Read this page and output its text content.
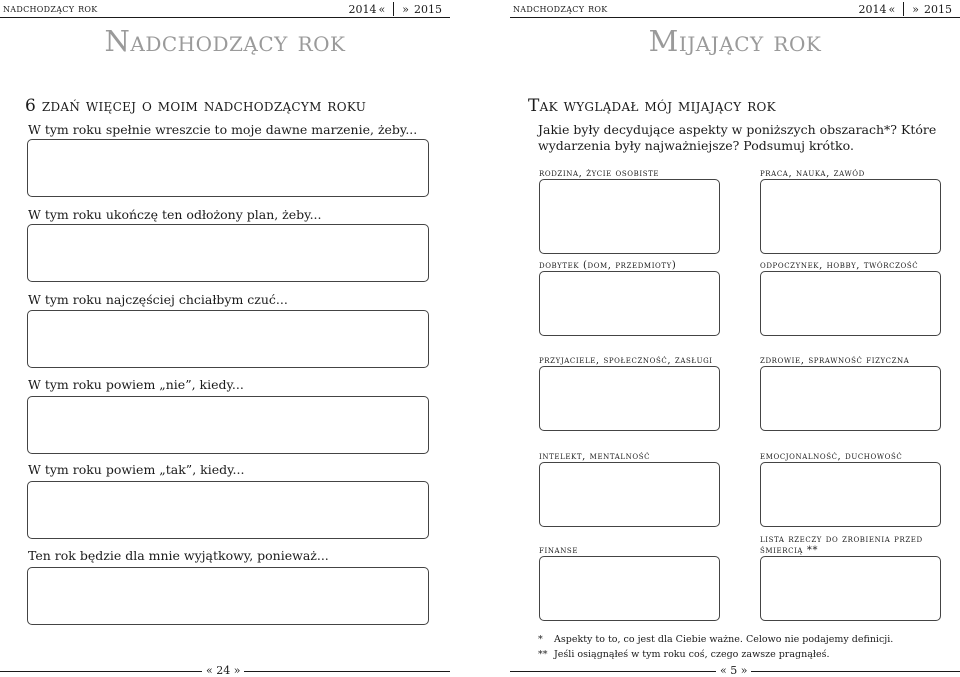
nadchodzący rok	2014 « » 2015
Nadchodzący rok
6 zdań więcej o moim nadchodzącym roku
W tym roku spełnie wreszcie to moje dawne marzenie, żeby...
W tym roku ukończę ten odłożony plan, żeby...
W tym roku najczęściej chciałbym czuć...
W tym roku powiem „nie”, kiedy...
W tym roku powiem „tak”, kiedy...
Ten rok będzie dla mnie wyjątkowy, ponieważ...
« 24 »
nadchodzący rok	2014 « » 2015
Mijający rok
Tak wyglądał mój mijający rok
Jakie były decydujące aspekty w poniższych obszarach*? Które wydarzenia były najważniejsze? Podsumuj krótko.
rodzina, życie osobiste	praca, nauka, zawód
dobytek (dom, przedmioty)	odpoczynek, hobby, twórczość
przyjaciele, społeczność, zasługi	zdrowie, sprawność fizyczna
intelekt, mentalność	emocjonalność, duchowość
finanse
lista rzeczy do zrobienia przed śmiercią **
*	Aspekty to to, co jest dla Ciebie ważne. Celowo nie podajemy definicji.
** Jeśli osiągnąłeś w tym roku coś, czego zawsze pragnąłeś.
« 5 »
